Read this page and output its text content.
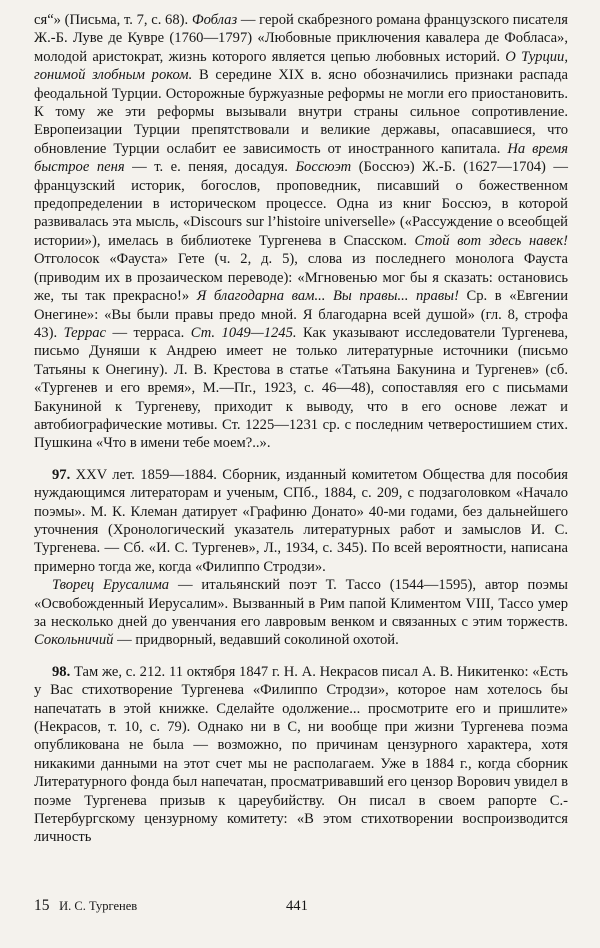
ся“» (Письма, т. 7, с. 68). Фоблаз — герой скабрезного романа французского писателя Ж.-Б. Луве де Кувре (1760—1797) «Любовные приключения кавалера де Фобласа», молодой аристократ, жизнь которого является цепью любовных историй. О Турции, гонимой злобным роком. В середине XIX в. ясно обозначились признаки распада феодальной Турции. Осторожные буржуазные реформы не могли его приостановить. К тому же эти реформы вызывали внутри страны сильное сопротивление. Европеизации Турции препятствовали и великие державы, опасавшиеся, что обновление Турции ослабит ее зависимость от иностранного капитала. На время быстрое пеня — т. е. пеняя, досадуя. Боссюэт (Боссюэ) Ж.-Б. (1627—1704) — французский историк, богослов, проповедник, писавший о божественном предопределении в историческом процессе. Одна из книг Боссюэ, в которой развивалась эта мысль, «Discours sur l’histoire universelle» («Рассуждение о всеобщей истории»), имелась в библиотеке Тургенева в Спасском. Стой вот здесь навек! Отголосок «Фауста» Гете (ч. 2, д. 5), слова из последнего монолога Фауста (приводим их в прозаическом переводе): «Мгновенью мог бы я сказать: остановись же, ты так прекрасно!» Я благодарна вам... Вы правы... правы! Ср. в «Евгении Онегине»: «Вы были правы предо мной. Я благодарна всей душой» (гл. 8, строфа 43). Террас — терраса. Ст. 1049—1245. Как указывают исследователи Тургенева, письмо Дуняши к Андрею имеет не только литературные источники (письмо Татьяны к Онегину). Л. В. Крестова в статье «Татьяна Бакунина и Тургенев» (сб. «Тургенев и его время», М.—Пг., 1923, с. 46—48), сопоставляя его с письмами Бакуниной к Тургеневу, приходит к выводу, что в его основе лежат и автобиографические мотивы. Ст. 1225—1231 ср. с последним четверостишием стих. Пушкина «Что в имени тебе моем?..».

97. XXV лет. 1859—1884. Сборник, изданный комитетом Общества для пособия нуждающимся литераторам и ученым, СПб., 1884, с. 209, с подзаголовком «Начало поэмы». М. К. Клеман датирует «Графиню Донато» 40-ми годами, без дальнейшего уточнения (Хронологический указатель литературных работ и замыслов И. С. Тургенева. — Сб. «И. С. Тургенев», Л., 1934, с. 345). По всей вероятности, написана примерно тогда же, когда «Филиппо Стродзи».

Творец Ерусалима — итальянский поэт Т. Тассо (1544—1595), автор поэмы «Освобожденный Иерусалим». Вызванный в Рим папой Климентом VIII, Тассо умер за несколько дней до увенчания его лавровым венком и связанных с этим торжеств. Сокольничий — придворный, ведавший соколиной охотой.

98. Там же, с. 212. 11 октября 1847 г. Н. А. Некрасов писал А. В. Никитенко: «Есть у Вас стихотворение Тургенева «Филиппо Стродзи», которое нам хотелось бы напечатать в этой книжке. Сделайте одолжение... просмотрите его и пришлите» (Некрасов, т. 10, с. 79). Однако ни в С, ни вообще при жизни Тургенева поэма опубликована не была — возможно, по причинам цензурного характера, хотя никакими данными на этот счет мы не располагаем. Уже в 1884 г., когда сборник Литературного фонда был напечатан, просматривавший его цензор Ворович увидел в поэме Тургенева призыв к цареубийству. Он писал в своем рапорте С.-Петербургскому цензурному комитету: «В этом стихотворении воспроизводится личность

15 И. С. Тургенев	441
